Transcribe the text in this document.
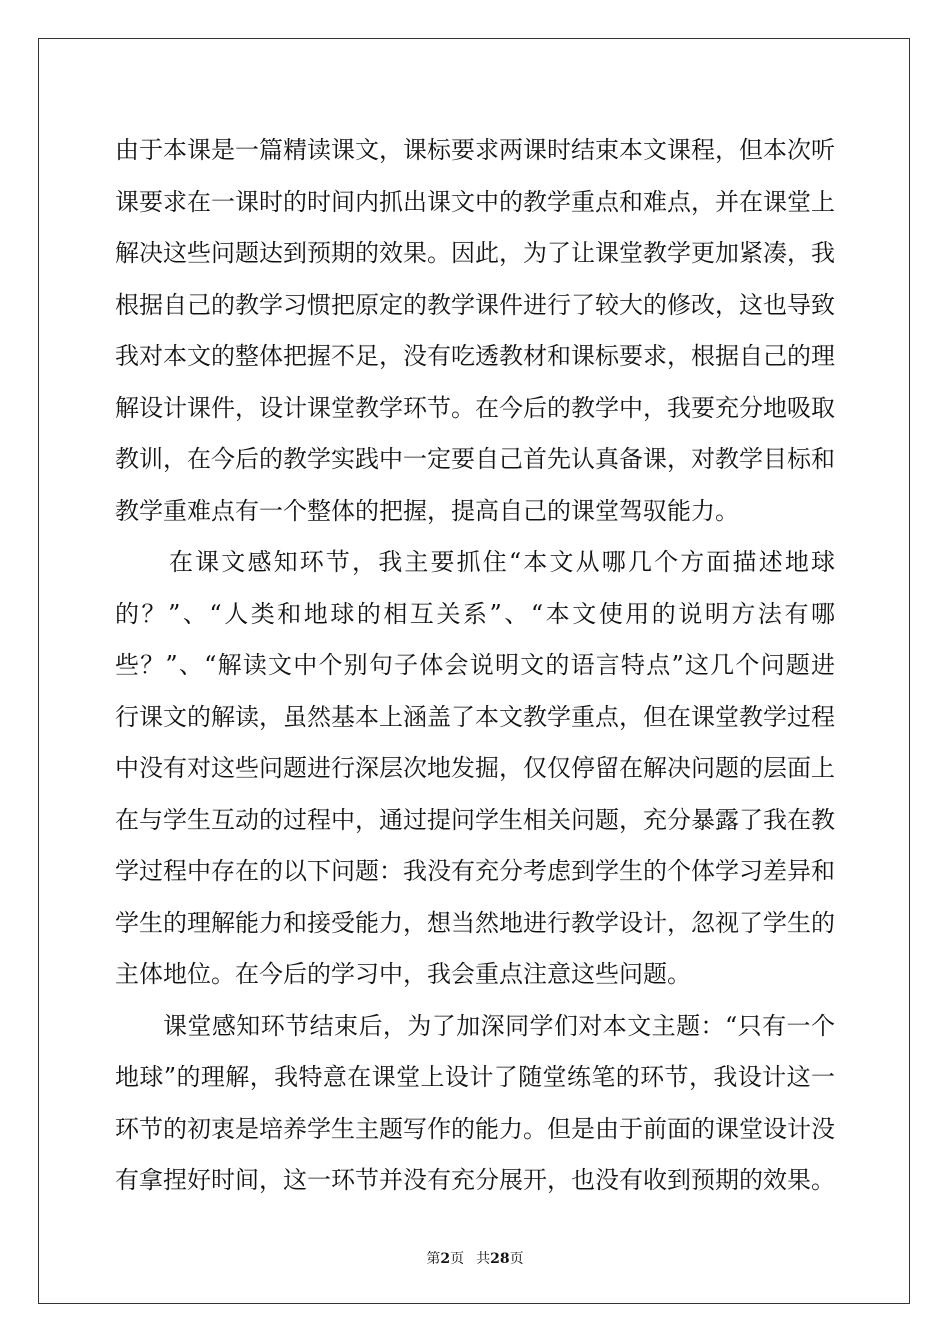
由于本课是一篇精读课文，课标要求两课时结束本文课程，但本次听
课要求在一课时的时间内抓出课文中的教学重点和难点，并在课堂上
解决这些问题达到预期的效果。因此，为了让课堂教学更加紧凑，我
根据自己的教学习惯把原定的教学课件进行了较大的修改，这也导致
我对本文的整体把握不足，没有吃透教材和课标要求，根据自己的理
解设计课件，设计课堂教学环节。在今后的教学中，我要充分地吸取
教训，在今后的教学实践中一定要自己首先认真备课，对教学目标和
教学重难点有一个整体的把握，提高自己的课堂驾驭能力。
在课文感知环节，我主要抓住“本文从哪几个方面描述地球
的？”、“人类和地球的相互关系”、“本文使用的说明方法有哪
些？”、“解读文中个别句子体会说明文的语言特点”这几个问题进
行课文的解读，虽然基本上涵盖了本文教学重点，但在课堂教学过程
中没有对这些问题进行深层次地发掘，仅仅停留在解决问题的层面上
在与学生互动的过程中，通过提问学生相关问题，充分暴露了我在教
学过程中存在的以下问题：我没有充分考虑到学生的个体学习差异和
学生的理解能力和接受能力，想当然地进行教学设计，忽视了学生的
主体地位。在今后的学习中，我会重点注意这些问题。
课堂感知环节结束后，为了加深同学们对本文主题：“只有一个
地球”的理解，我特意在课堂上设计了随堂练笔的环节，我设计这一
环节的初衷是培养学生主题写作的能力。但是由于前面的课堂设计没
有拿捏好时间，这一环节并没有充分展开，也没有收到预期的效果。
第2页 共28页
